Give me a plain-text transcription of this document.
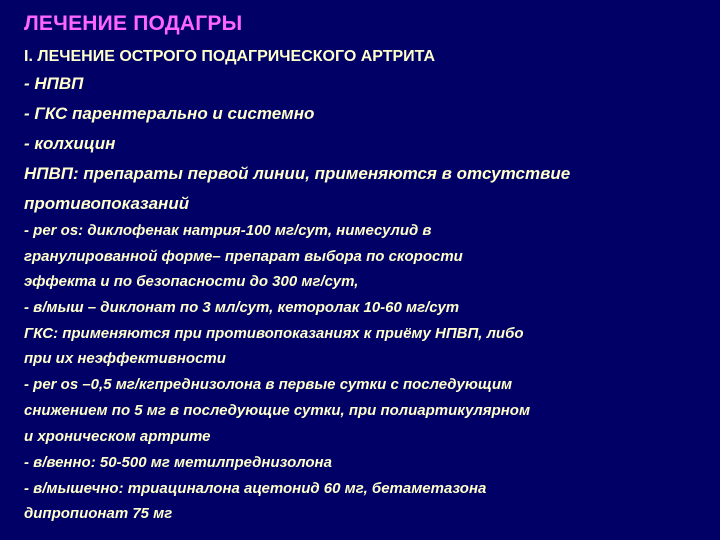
ЛЕЧЕНИЕ ПОДАГРЫ
I. ЛЕЧЕНИЕ ОСТРОГО ПОДАГРИЧЕСКОГО АРТРИТА
- НПВП
- ГКС парентерально и системно
- колхицин
НПВП: препараты первой линии, применяются в отсутствие
противопоказаний
- per os: диклофенак натрия-100 мг/сут, нимесулид в
гранулированной форме– препарат выбора по скорости
эффекта и по безопасности до 300 мг/сут,
- в/мыш – диклонат по 3 мл/сут, кеторолак 10-60 мг/сут
ГКС: применяются при противопоказаниях к приёму НПВП, либо
при их неэффективности
- per os –0,5 мг/кгпреднизолона в первые сутки с последующим
снижением по 5 мг в последующие сутки, при полиартикулярном
и хроническом артрите
- в/венно: 50-500 мг метилпреднизолона
- в/мышечно: триациналона ацетонид 60 мг, бетаметазона
дипропионат 75 мг
